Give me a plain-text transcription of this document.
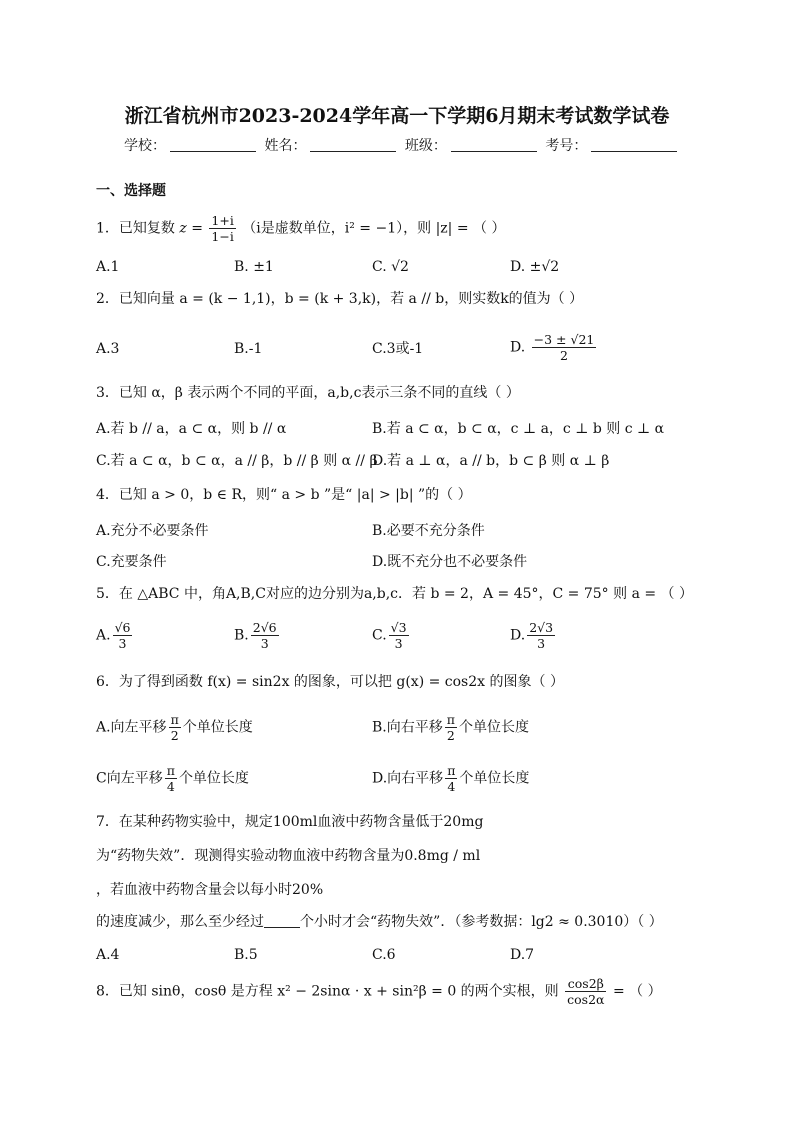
浙江省杭州市2023-2024学年高一下学期6月期末考试数学试卷
学校：	姓名：	班级：	考号：
一、选择题
1．已知复数 $z = \frac{1+i}{1-i} (i$是虚数单位，i² = −1），则 |z| = （ ）
A.1	B. ±1	C. √2	D. ±√2
2．已知向量 a = (k − 1,1)，b = (k + 3,k)，若 a // b，则实数k的值为（ ）
A.3	B.-1	C.3或-1	D. $\frac{-3 \pm √21}{2}$
3．已知 α，β 表示两个不同的平面，a,b,c表示三条不同的直线（ ）
A.若 b // a，a ⊂ α，则 b // α	B.若 a ⊂ α，b ⊂ α，c ⊥ a，c ⊥ b 则 c ⊥ α
C.若 a ⊂ α，b ⊂ α，a // β，b // β 则 α // β
D.若 a ⊥ α，a // b，b ⊂ β 则 α ⊥ β
4．已知 a > 0，b ∈ R，则“ a > b ”是“ |a| > |b| ”的（ ）
A.充分不必要条件	B.必要不充分条件
C.充要条件	D.既不充分也不必要条件
5．在 △ABC 中，角A,B,C对应的边分别为a,b,c．若 b = 2，A = 45°，C = 75° 则 a = （ ）
A. $\frac{√6}{3}$	B. $\frac{2√6}{3}$	C. $\frac{√3}{3}$	D. $\frac{2√3}{3}$
6．为了得到函数 f(x) = sin2x 的图象，可以把 g(x) = cos2x 的图象（ ）
A.向左平移 $\frac{\pi}{2}$ 个单位长度	B.向右平移 $\frac{\pi}{2}$ 个单位长度
C向左平移 $\frac{\pi}{4}$ 个单位长度	D.向右平移 $\frac{\pi}{4}$ 个单位长度
7．在某种药物实验中，规定100ml血液中药物含量低于20mg
为“药物失效”．现测得实验动物血液中药物含量为0.8mg / ml
，若血液中药物含量会以每小时20%
的速度减少，那么至少经过	个小时才会“药物失效”．（参考数据：lg2 ≈ 0.3010）（ ）
A.4	B.5	C.6	D.7
8．已知 sinθ，cosθ 是方程 x² − 2sinα · x + sin²β = 0 的两个实根，则 $\frac{\cos 2\beta}{\cos 2\alpha}$ = （ ）
